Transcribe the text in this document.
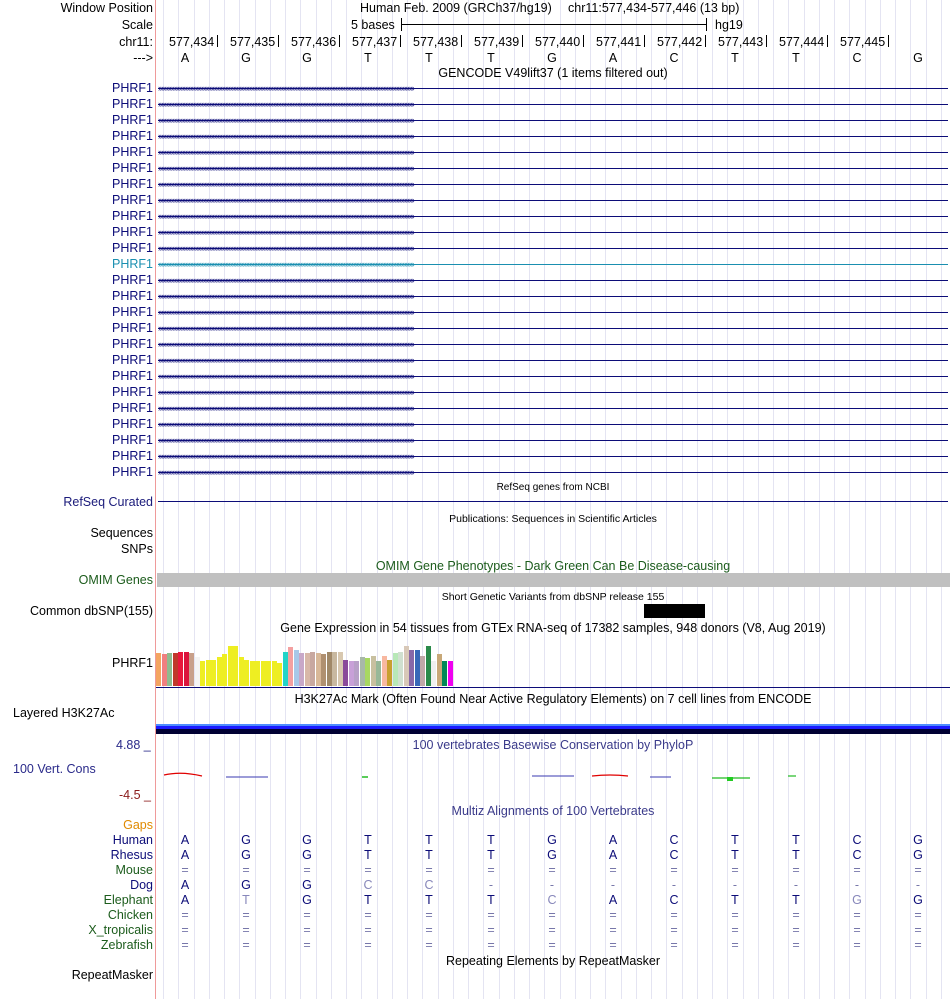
Window Position
Scale
chr11:
--->
Human Feb. 2009 (GRCh37/hg19) chr11:577,434-577,446 (13 bp)
5 bases	hg19
577,434 577,435 577,436 577,437 577,438 577,439 577,440 577,441 577,442 577,443 577,444 577,445
A	G	G	T	T	T	G	A	C	T	T	C	G
GENCODE V49lift37 (1 items filtered out)
PHRF1 ››››››››››››››››››››››››››››››››››››››››››››››››››››››››››››››››››››››››››››››››››››››››››››››››››››››››››››››››››››››››››››››››››››››››››››››››››››››››››››››››
PHRF1 ››››››››››››››››››››››››››››››››››››››››››››››››››››››››››››››››››››››››››››››››››››››››››››››››››››››››››››››››››››››››››››››››››››››››››››››››››››››››››››››››
PHRF1 ››››››››››››››››››››››››››››››››››››››››››››››››››››››››››››››››››››››››››››››››››››››››››››››››››››››››››››››››››››››››››››››››››››››››››››››››››››››››››››››››
PHRF1 ››››››››››››››››››››››››››››››››››››››››››››››››››››››››››››››››››››››››››››››››››››››››››››››››››››››››››››››››››››››››››››››››››››››››››››››››››››››››››››››››
PHRF1 ››››››››››››››››››››››››››››››››››››››››››››››››››››››››››››››››››››››››››››››››››››››››››››››››››››››››››››››››››››››››››››››››››››››››››››››››››››››››››››››››
PHRF1 ››››››››››››››››››››››››››››››››››››››››››››››››››››››››››››››››››››››››››››››››››››››››››››››››››››››››››››››››››››››››››››››››››››››››››››››››››››››››››››››››
PHRF1 ››››››››››››››››››››››››››››››››››››››››››››››››››››››››››››››››››››››››››››››››››››››››››››››››››››››››››››››››››››››››››››››››››››››››››››››››››››››››››››››››
PHRF1 ››››››››››››››››››››››››››››››››››››››››››››››››››››››››››››››››››››››››››››››››››››››››››››››››››››››››››››››››››››››››››››››››››››››››››››››››››››››››››››››››
PHRF1 ››››››››››››››››››››››››››››››››››››››››››››››››››››››››››››››››››››››››››››››››››››››››››››››››››››››››››››››››››››››››››››››››››››››››››››››››››››››››››››››››
PHRF1 ››››››››››››››››››››››››››››››››››››››››››››››››››››››››››››››››››››››››››››››››››››››››››››››››››››››››››››››››››››››››››››››››››››››››››››››››››››››››››››››››
PHRF1 ››››››››››››››››››››››››››››››››››››››››››››››››››››››››››››››››››››››››››››››››››››››››››››››››››››››››››››››››››››››››››››››››››››››››››››››››››››››››››››››››
PHRF1 ››››››››››››››››››››››››››››››››››››››››››››››››››››››››››››››››››››››››››››››››››››››››››››››››››››››››››››››››››››››››››››››››››››››››››››››››››››››››››››››››
PHRF1 ››››››››››››››››››››››››››››››››››››››››››››››››››››››››››››››››››››››››››››››››››››››››››››››››››››››››››››››››››››››››››››››››››››››››››››››››››››››››››››››››
PHRF1 ››››››››››››››››››››››››››››››››››››››››››››››››››››››››››››››››››››››››››››››››››››››››››››››››››››››››››››››››››››››››››››››››››››››››››››››››››››››››››››››››
PHRF1 ››››››››››››››››››››››››››››››››››››››››››››››››››››››››››››››››››››››››››››››››››››››››››››››››››››››››››››››››››››››››››››››››››››››››››››››››››››››››››››››››
PHRF1 ››››››››››››››››››››››››››››››››››››››››››››››››››››››››››››››››››››››››››››››››››››››››››››››››››››››››››››››››››››››››››››››››››››››››››››››››››››››››››››››››
PHRF1 ››››››››››››››››››››››››››››››››››››››››››››››››››››››››››››››››››››››››››››››››››››››››››››››››››››››››››››››››››››››››››››››››››››››››››››››››››››››››››››››››
PHRF1 ››››››››››››››››››››››››››››››››››››››››››››››››››››››››››››››››››››››››››››››››››››››››››››››››››››››››››››››››››››››››››››››››››››››››››››››››››››››››››››››››
PHRF1 ››››››››››››››››››››››››››››››››››››››››››››››››››››››››››››››››››››››››››››››››››››››››››››››››››››››››››››››››››››››››››››››››››››››››››››››››››››››››››››››››
PHRF1 ››››››››››››››››››››››››››››››››››››››››››››››››››››››››››››››››››››››››››››››››››››››››››››››››››››››››››››››››››››››››››››››››››››››››››››››››››››››››››››››››
PHRF1 ››››››››››››››››››››››››››››››››››››››››››››››››››››››››››››››››››››››››››››››››››››››››››››››››››››››››››››››››››››››››››››››››››››››››››››››››››››››››››››››››
PHRF1 ››››››››››››››››››››››››››››››››››››››››››››››››››››››››››››››››››››››››››››››››››››››››››››››››››››››››››››››››››››››››››››››››››››››››››››››››››››››››››››››››
PHRF1 ››››››››››››››››››››››››››››››››››››››››››››››››››››››››››››››››››››››››››››››››››››››››››››››››››››››››››››››››››››››››››››››››››››››››››››››››››››››››››››››››
PHRF1 ››››››››››››››››››››››››››››››››››››››››››››››››››››››››››››››››››››››››››››››››››››››››››››››››››››››››››››››››››››››››››››››››››››››››››››››››››››››››››››››››
PHRF1 ››››››››››››››››››››››››››››››››››››››››››››››››››››››››››››››››››››››››››››››››››››››››››››››››››››››››››››››››››››››››››››››››››››››››››››››››››››››››››››››››
RefSeq genes from NCBI
RefSeq Curated
Publications: Sequences in Scientific Articles
Sequences
SNPs
OMIM Gene Phenotypes - Dark Green Can Be Disease-causing
OMIM Genes
Short Genetic Variants from dbSNP release 155
Common dbSNP(155)
Gene Expression in 54 tissues from GTEx RNA-seq of 17382 samples, 948 donors (V8, Aug 2019)
PHRF1
H3K27Ac Mark (Often Found Near Active Regulatory Elements) on 7 cell lines from ENCODE
Layered H3K27Ac
100 vertebrates Basewise Conservation by PhyloP
4.88 _
100 Vert. Cons
-4.5 _
Multiz Alignments of 100 Vertebrates
Gaps
Human	A	G	G	T	T	T	G	A	C	T	T	C	G
Rhesus	A	G	G	T	T	T	G	A	C	T	T	C	G
Mouse	=	=	=	=	=	=	=	=	=	=	=	=	=
Dog	A	G	G	C	C	-	-	-	-	-	-	-	-
Elephant	A	T	G	T	T	T	C	A	C	T	T	G	G
Chicken	=	=	=	=	=	=	=	=	=	=	=	=	=
X_tropicalis	=	=	=	=	=	=	=	=	=	=	=	=	=
Zebrafish	=	=	=	=	=	=	=	=	=	=	=	=	=
Repeating Elements by RepeatMasker
RepeatMasker
